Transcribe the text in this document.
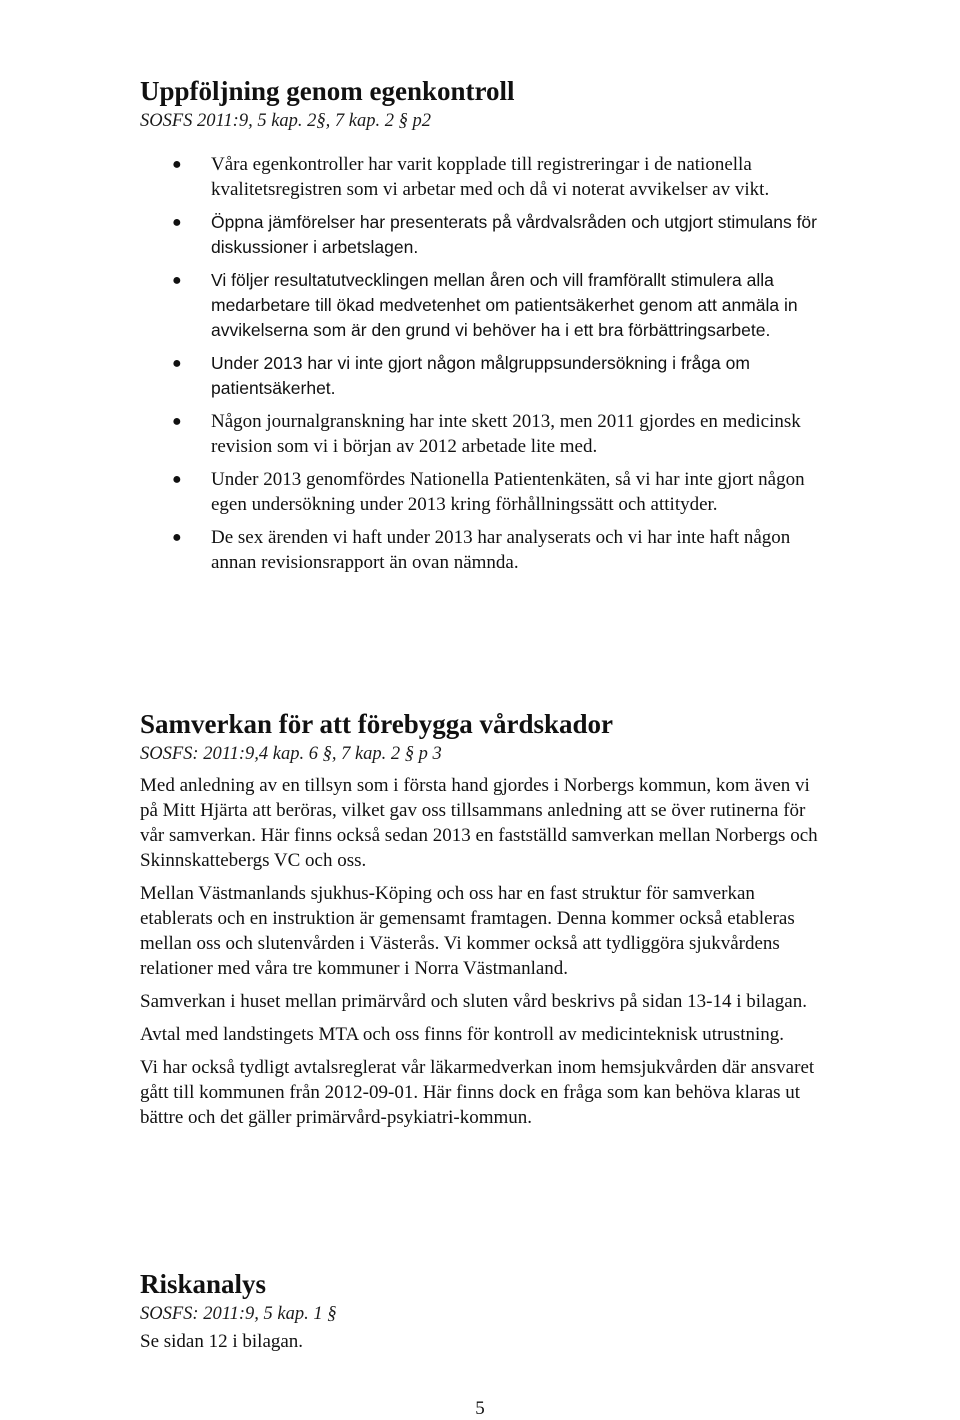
Uppföljning genom egenkontroll

SOSFS 2011:9, 5 kap. 2§, 7 kap. 2 § p2

● Våra egenkontroller har varit kopplade till registreringar i de nationella kvalitetsregistren som vi arbetar med och då vi noterat avvikelser av vikt.
● Öppna jämförelser har presenterats på vårdvalsråden och utgjort stimulans för diskussioner i arbetslagen.
● Vi följer resultatutvecklingen mellan åren och vill framförallt stimulera alla medarbetare till ökad medvetenhet om patientsäkerhet genom att anmäla in avvikelserna som är den grund vi behöver ha i ett bra förbättringsarbete.
● Under 2013 har vi inte gjort någon målgruppsundersökning i fråga om patientsäkerhet.
● Någon journalgranskning har inte skett 2013, men 2011 gjordes en medicinsk revision som vi i början av 2012 arbetade lite med.
● Under 2013 genomfördes Nationella Patientenkäten, så vi har inte gjort någon egen undersökning under 2013 kring förhållningssätt och attityder.
● De sex ärenden vi haft under 2013 har analyserats och vi har inte haft någon annan revisionsrapport än ovan nämnda.
Samverkan för att förebygga vårdskador

SOSFS: 2011:9,4 kap. 6 §, 7 kap. 2 § p 3

Med anledning av en tillsyn som i första hand gjordes i Norbergs kommun, kom även vi på Mitt Hjärta att beröras, vilket gav oss tillsammans anledning att se över rutinerna för vår samverkan. Här finns också sedan 2013 en fastställd samverkan mellan Norbergs och Skinnskattebergs VC och oss.

Mellan Västmanlands sjukhus-Köping och oss har en fast struktur för samverkan etablerats och en instruktion är gemensamt framtagen. Denna kommer också etableras mellan oss och slutenvården i Västerås. Vi kommer också att tydliggöra sjukvårdens relationer med våra tre kommuner i Norra Västmanland.

Samverkan i huset mellan primärvård och sluten vård beskrivs på sidan 13-14 i bilagan.

Avtal med landstingets MTA och oss finns för kontroll av medicinteknisk utrustning.

Vi har också tydligt avtalsreglerat vår läkarmedverkan inom hemsjukvården där ansvaret gått till kommunen från 2012-09-01. Här finns dock en fråga som kan behöva klaras ut bättre och det gäller primärvård-psykiatri-kommun.

Riskanalys

SOSFS: 2011:9, 5 kap. 1 §

Se sidan 12 i bilagan.

5
